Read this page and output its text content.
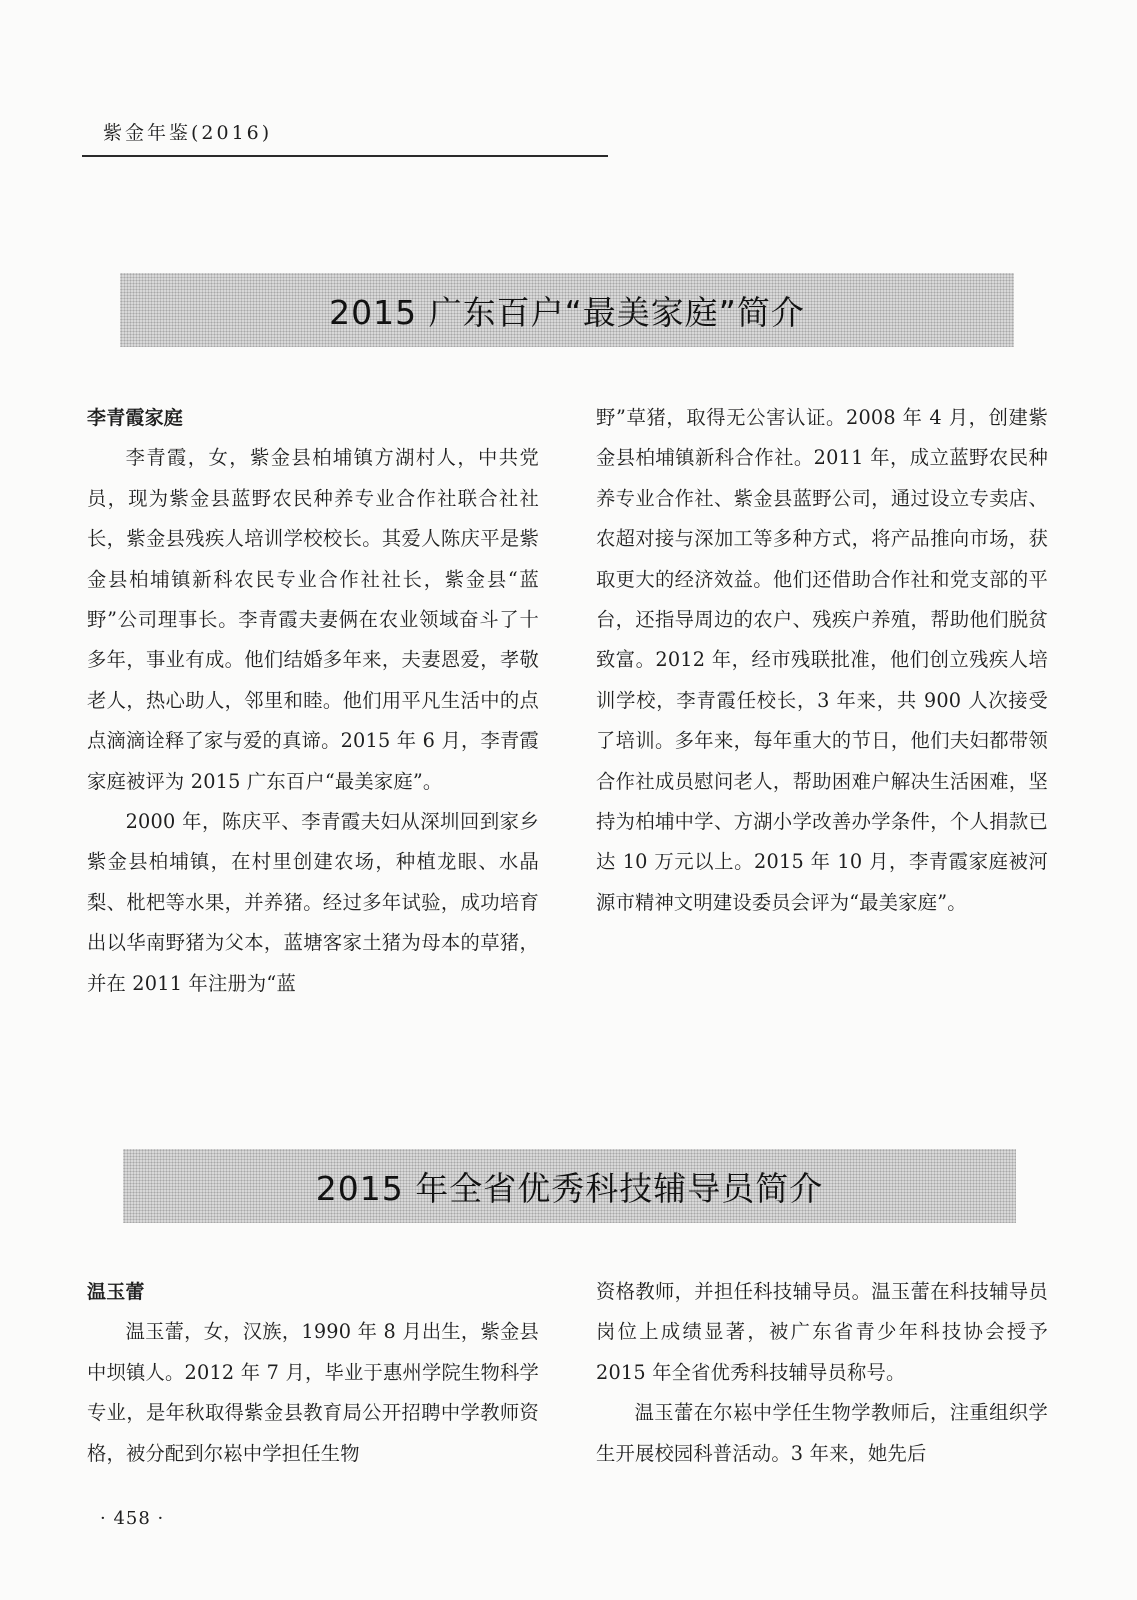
紫金年鉴(2016)
2015 广东百户“最美家庭”简介
李青霞家庭

李青霞，女，紫金县柏埔镇方湖村人，中共党员，现为紫金县蓝野农民种养专业合作社联合社社长，紫金县残疾人培训学校校长。其爱人陈庆平是紫金县柏埔镇新科农民专业合作社社长，紫金县“蓝野”公司理事长。李青霞夫妻俩在农业领域奋斗了十多年，事业有成。他们结婚多年来，夫妻恩爱，孝敬老人，热心助人，邻里和睦。他们用平凡生活中的点点滴滴诠释了家与爱的真谛。2015 年 6 月，李青霞家庭被评为 2015 广东百户“最美家庭”。

2000 年，陈庆平、李青霞夫妇从深圳回到家乡紫金县柏埔镇，在村里创建农场，种植龙眼、水晶梨、枇杷等水果，并养猪。经过多年试验，成功培育出以华南野猪为父本，蓝塘客家土猪为母本的草猪，并在 2011 年注册为“蓝

野”草猪，取得无公害认证。2008 年 4 月，创建紫金县柏埔镇新科合作社。2011 年，成立蓝野农民种养专业合作社、紫金县蓝野公司，通过设立专卖店、农超对接与深加工等多种方式，将产品推向市场，获取更大的经济效益。他们还借助合作社和党支部的平台，还指导周边的农户、残疾户养殖，帮助他们脱贫致富。2012 年，经市残联批准，他们创立残疾人培训学校，李青霞任校长，3 年来，共 900 人次接受了培训。多年来，每年重大的节日，他们夫妇都带领合作社成员慰问老人，帮助困难户解决生活困难，坚持为柏埔中学、方湖小学改善办学条件，个人捐款已达 10 万元以上。2015 年 10 月，李青霞家庭被河源市精神文明建设委员会评为“最美家庭”。

2015 年全省优秀科技辅导员简介
温玉蕾

温玉蕾，女，汉族，1990 年 8 月出生，紫金县中坝镇人。2012 年 7 月，毕业于惠州学院生物科学专业，是年秋取得紫金县教育局公开招聘中学教师资格，被分配到尔崧中学担任生物

资格教师，并担任科技辅导员。温玉蕾在科技辅导员岗位上成绩显著，被广东省青少年科技协会授予 2015 年全省优秀科技辅导员称号。

温玉蕾在尔崧中学任生物学教师后，注重组织学生开展校园科普活动。3 年来，她先后

· 458 ·
